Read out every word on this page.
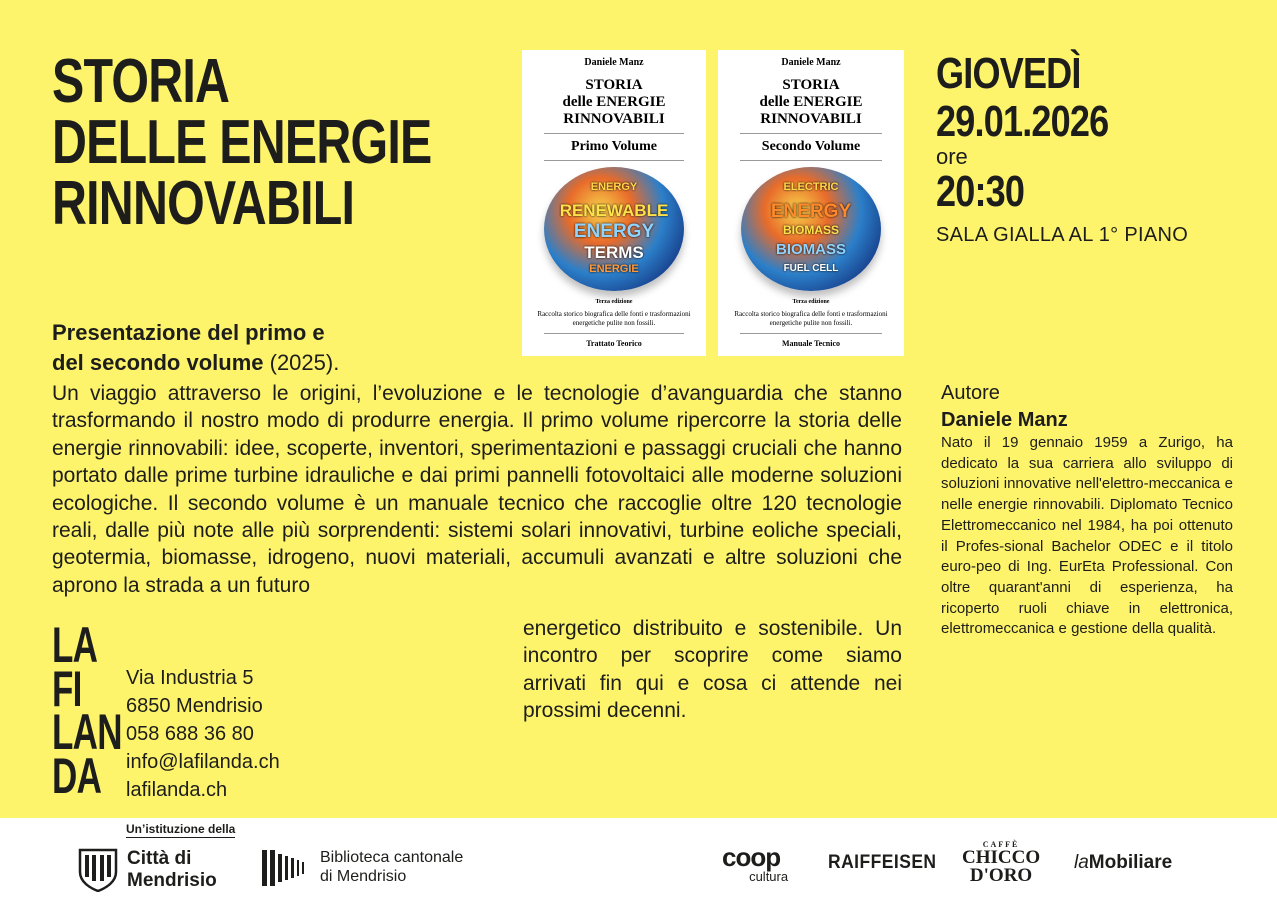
STORIA
DELLE ENERGIE
RINNOVABILI
Presentazione del primo e
del secondo volume (2025).
Daniele Manz
STORIA
delle ENERGIE
RINNOVABILI
Primo Volume
ENERGY
RENEWABLE
ENERGY
TERMS
ENERGIE
Terza edizione
Raccolta storico biografica delle fonti e trasformazioni energetiche pulite non fossili.
Trattato Teorico
Daniele Manz
STORIA
delle ENERGIE
RINNOVABILI
Secondo Volume
ELECTRIC
ENERGY
BIOMASS
BIOMASS
FUEL CELL
Terza edizione
Raccolta storico biografica delle fonti e trasformazioni energetiche pulite non fossili.
Manuale Tecnico
GIOVEDÌ
29.01.2026
ore
20:30
SALA GIALLA AL 1° PIANO
Un viaggio attraverso le origini, l’evoluzione e le tecnologie d’avanguardia che stanno trasformando il nostro modo di produrre energia. Il primo volume ripercorre la storia delle energie rinnovabili: idee, scoperte, inventori, sperimentazioni e passaggi cruciali che hanno portato dalle prime turbine idrauliche e dai primi pannelli fotovoltaici alle moderne soluzioni ecologiche. Il secondo volume è un manuale tecnico che raccoglie oltre 120 tecnologie reali, dalle più note alle più sorprendenti: sistemi solari innovativi, turbine eoliche speciali, geotermia, biomasse, idrogeno, nuovi materiali, accumuli avanzati e altre soluzioni che aprono la strada a un futuro
energetico distribuito e sostenibile. Un incontro per scoprire come siamo arrivati fin qui e cosa ci attende nei prossimi decenni.
Autore
Daniele Manz
Nato il 19 gennaio 1959 a Zurigo, ha dedicato la sua carriera allo sviluppo di soluzioni innovative nell'elettro-meccanica e nelle energie rinnovabili. Diplomato Tecnico Elettromeccanico nel 1984, ha poi ottenuto il Profes-sional Bachelor ODEC e il titolo euro-peo di Ing. EurEta Professional. Con oltre quarant'anni di esperienza, ha ricoperto ruoli chiave in elettronica, elettromeccanica e gestione della qualità.
LA
FI
LAN
DA
Via Industria 5
6850 Mendrisio
058 688 36 80
info@lafilanda.ch
lafilanda.ch
Un’istituzione della
Città di
Mendrisio
Biblioteca cantonale
di Mendrisio
coop
cultura
RAIFFEISEN
CAFFÈ
CHICCO
D'ORO
laMobiliare
